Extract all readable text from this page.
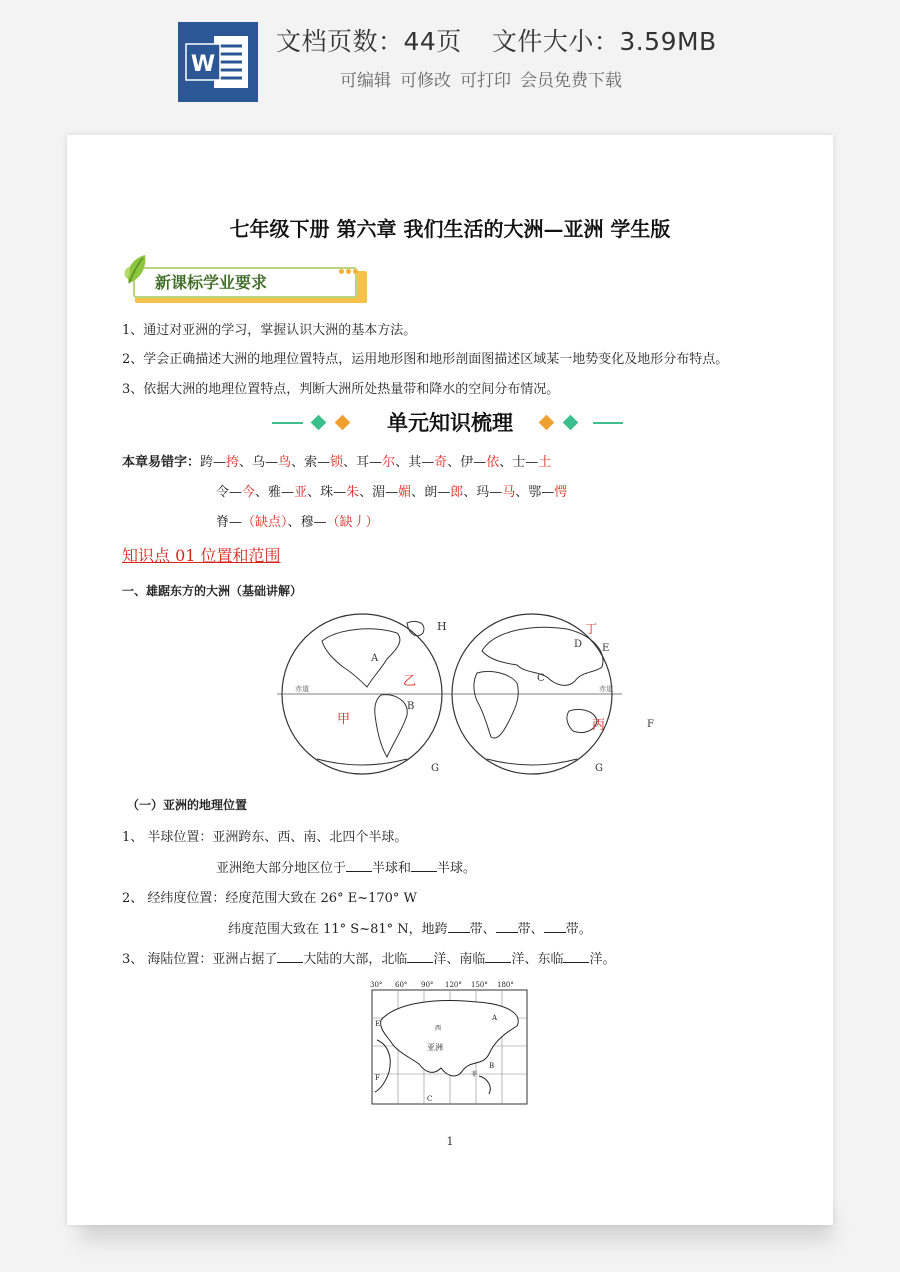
W
文档页数：44页 文件大小：3.59MB
可编辑 可修改 可打印 会员免费下载
七年级下册 第六章 我们生活的大洲—亚洲 学生版
新课标学业要求
1、通过对亚洲的学习，掌握认识大洲的基本方法。
2、学会正确描述大洲的地理位置特点，运用地形图和地形剖面图描述区域某一地势变化及地形分布特点。
3、依据大洲的地理位置特点，判断大洲所处热量带和降水的空间分布情况。
单元知识梳理
本章易错字：跨—挎、乌—鸟、索—锁、耳—尔、其—奇、伊—依、士—土
令—今、雅—亚、珠—朱、湄—媚、朗—郎、玛—马、鄂—愕
脊—（缺点）、穆—（缺丿）
知识点 01 位置和范围
一、雄踞东方的大洲（基础讲解）
赤道	赤道
H
A
B
C
D E
F
G	G
乙
甲	丙
丁
（一）亚洲的地理位置
1、 半球位置：亚洲跨东、西、南、北四个半球。
亚洲绝大部分地区位于 半球和 半球。
2、 经纬度位置：经度范围大致在 26° E~170° W
纬度范围大致在 11° S~81° N，地跨 带、 带、 带。
3、 海陆位置：亚洲占据了 大陆的大部，北临 洋、南临 洋、东临 洋。
30° 60° 90° 120° 150° 180°
亚洲
西
A
B
C
E
F	菲
1
